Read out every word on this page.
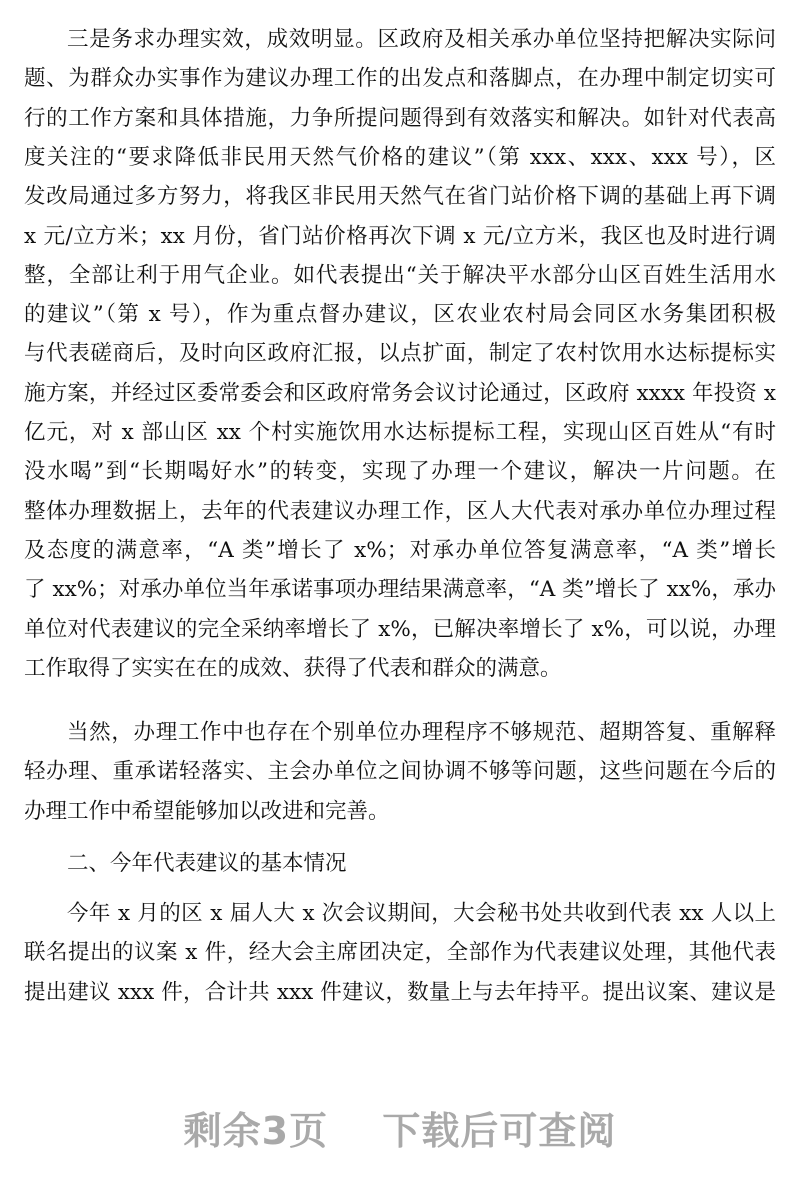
三是务求办理实效，成效明显。区政府及相关承办单位坚持把解决实际问
题、为群众办实事作为建议办理工作的出发点和落脚点，在办理中制定切实可
行的工作方案和具体措施，力争所提问题得到有效落实和解决。如针对代表高
度关注的“要求降低非民用天然气价格的建议”（第 xxx、xxx、xxx 号），区
发改局通过多方努力，将我区非民用天然气在省门站价格下调的基础上再下调
x 元/立方米；xx 月份，省门站价格再次下调 x 元/立方米，我区也及时进行调
整，全部让利于用气企业。如代表提出“关于解决平水部分山区百姓生活用水
的建议”（第 x 号），作为重点督办建议，区农业农村局会同区水务集团积极
与代表磋商后，及时向区政府汇报，以点扩面，制定了农村饮用水达标提标实
施方案，并经过区委常委会和区政府常务会议讨论通过，区政府 xxxx 年投资 x
亿元，对 x 部山区 xx 个村实施饮用水达标提标工程，实现山区百姓从“有时
没水喝”到“长期喝好水”的转变，实现了办理一个建议，解决一片问题。在
整体办理数据上，去年的代表建议办理工作，区人大代表对承办单位办理过程
及态度的满意率，“A 类”增长了 x%；对承办单位答复满意率，“A 类”增长
了 xx%；对承办单位当年承诺事项办理结果满意率，“A 类”增长了 xx%，承办
单位对代表建议的完全采纳率增长了 x%，已解决率增长了 x%，可以说，办理
工作取得了实实在在的成效、获得了代表和群众的满意。
当然，办理工作中也存在个别单位办理程序不够规范、超期答复、重解释
轻办理、重承诺轻落实、主会办单位之间协调不够等问题，这些问题在今后的
办理工作中希望能够加以改进和完善。
二、今年代表建议的基本情况
今年 x 月的区 x 届人大 x 次会议期间，大会秘书处共收到代表 xx 人以上
联名提出的议案 x 件，经大会主席团决定，全部作为代表建议处理，其他代表
提出建议 xxx 件，合计共 xxx 件建议，数量上与去年持平。提出议案、建议是
剩余3页 下载后可查阅
